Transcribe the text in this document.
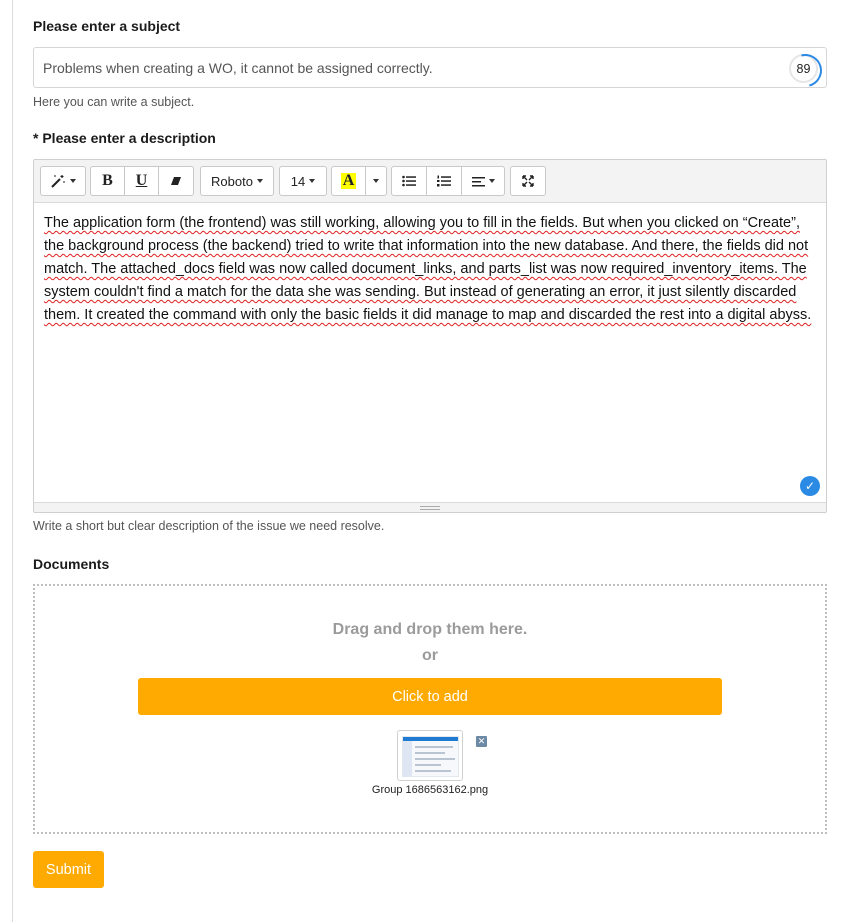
Please enter a subject
Problems when creating a WO, it cannot be assigned correctly.	89
Here you can write a subject.
* Please enter a description
B	U	Roboto	14 A

The application form (the frontend) was still working, allowing you to fill in the fields. But when you clicked on “Create”, the background process (the backend) tried to write that information into the new database. And there, the fields did not match. The attached_docs field was now called document_links, and parts_list was now required_inventory_items. The system couldn't find a match for the data she was sending. But instead of generating an error, it just silently discarded them. It created the command with only the basic fields it did manage to map and discarded the rest into a digital abyss.

✓
Write a short but clear description of the issue we need resolve.
Documents
Drag and drop them here.
or
Click to add
✕
Group 1686563162.png
Submit
